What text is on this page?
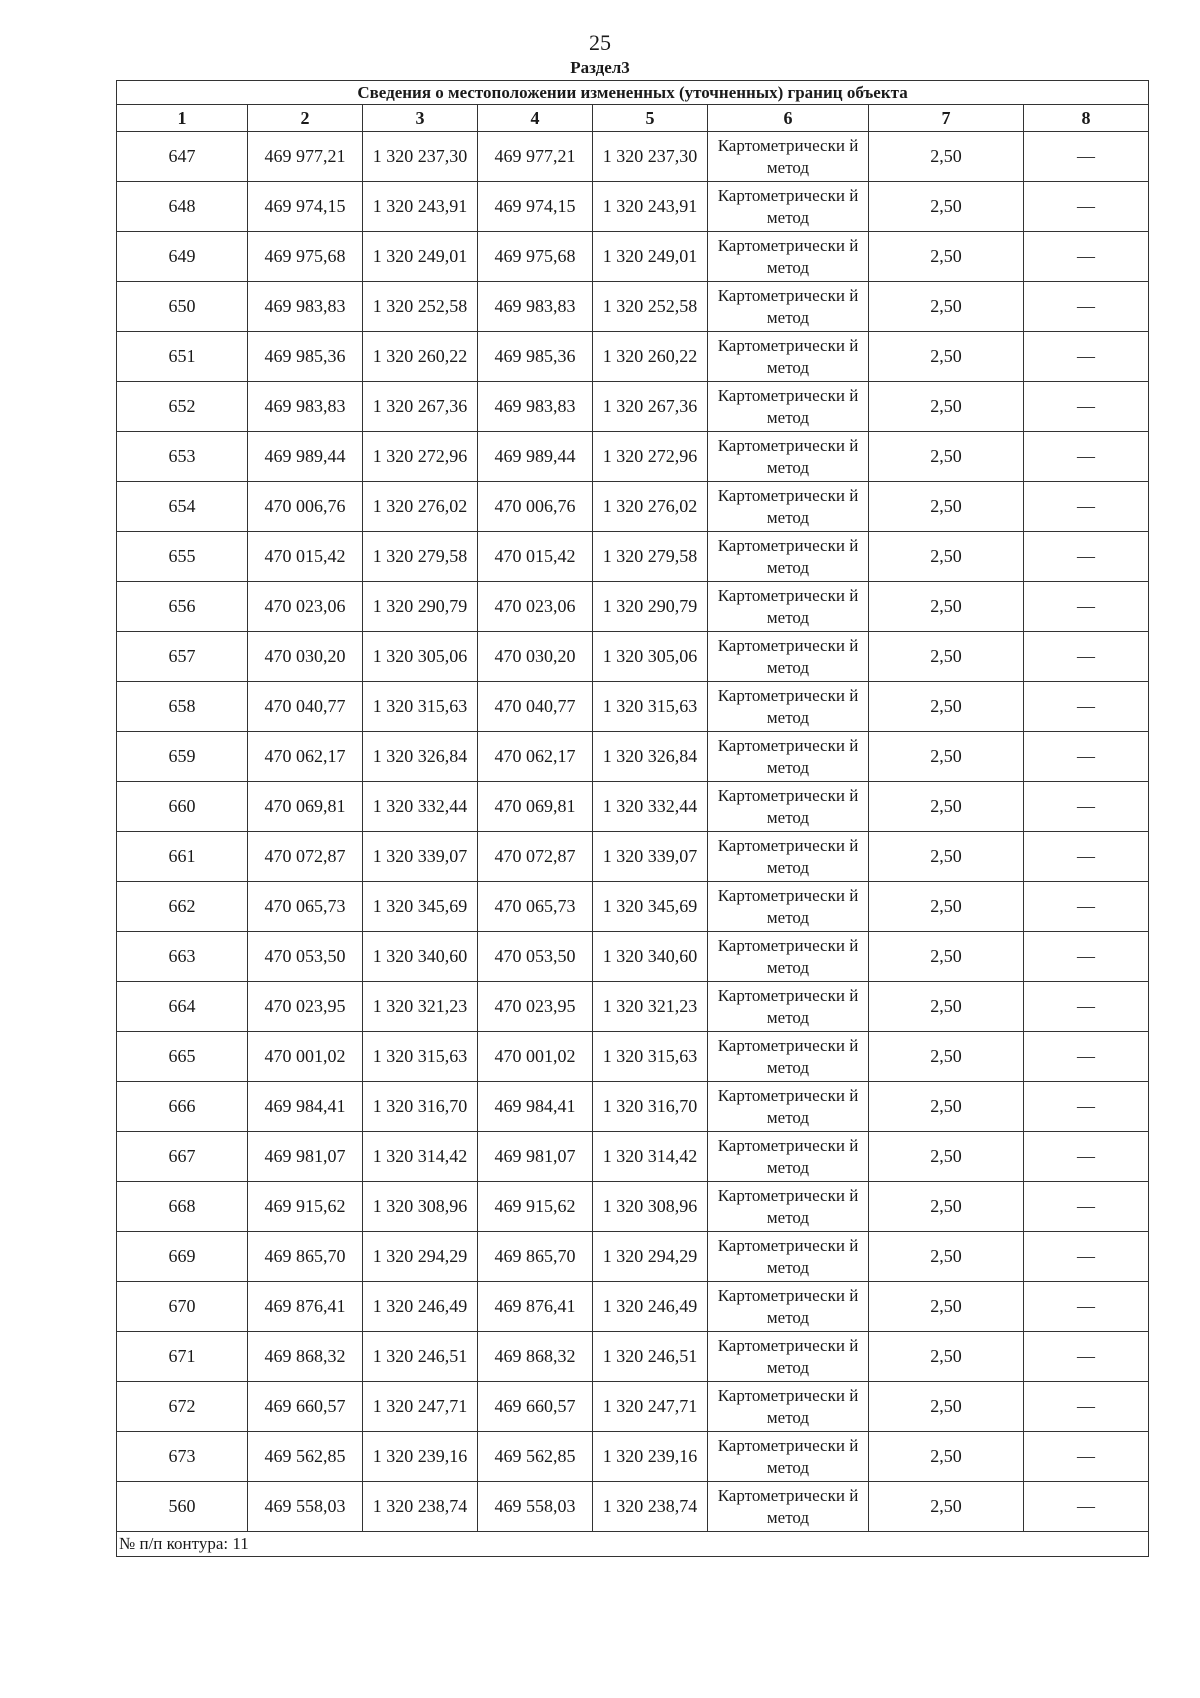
25
Раздел3
Сведения о местоположении измененных (уточненных) границ объекта							
1	2	3	4	5	6	7	8
647	469 977,21	1 320 237,30	469 977,21	1 320 237,30	Картометрически й метод	2,50	—
648	469 974,15	1 320 243,91	469 974,15	1 320 243,91	Картометрически й метод	2,50	—
649	469 975,68	1 320 249,01	469 975,68	1 320 249,01	Картометрически й метод	2,50	—
650	469 983,83	1 320 252,58	469 983,83	1 320 252,58	Картометрически й метод	2,50	—
651	469 985,36	1 320 260,22	469 985,36	1 320 260,22	Картометрически й метод	2,50	—
652	469 983,83	1 320 267,36	469 983,83	1 320 267,36	Картометрически й метод	2,50	—
653	469 989,44	1 320 272,96	469 989,44	1 320 272,96	Картометрически й метод	2,50	—
654	470 006,76	1 320 276,02	470 006,76	1 320 276,02	Картометрически й метод	2,50	—
655	470 015,42	1 320 279,58	470 015,42	1 320 279,58	Картометрически й метод	2,50	—
656	470 023,06	1 320 290,79	470 023,06	1 320 290,79	Картометрически й метод	2,50	—
657	470 030,20	1 320 305,06	470 030,20	1 320 305,06	Картометрически й метод	2,50	—
658	470 040,77	1 320 315,63	470 040,77	1 320 315,63	Картометрически й метод	2,50	—
659	470 062,17	1 320 326,84	470 062,17	1 320 326,84	Картометрически й метод	2,50	—
660	470 069,81	1 320 332,44	470 069,81	1 320 332,44	Картометрически й метод	2,50	—
661	470 072,87	1 320 339,07	470 072,87	1 320 339,07	Картометрически й метод	2,50	—
662	470 065,73	1 320 345,69	470 065,73	1 320 345,69	Картометрически й метод	2,50	—
663	470 053,50	1 320 340,60	470 053,50	1 320 340,60	Картометрически й метод	2,50	—
664	470 023,95	1 320 321,23	470 023,95	1 320 321,23	Картометрически й метод	2,50	—
665	470 001,02	1 320 315,63	470 001,02	1 320 315,63	Картометрически й метод	2,50	—
666	469 984,41	1 320 316,70	469 984,41	1 320 316,70	Картометрически й метод	2,50	—
667	469 981,07	1 320 314,42	469 981,07	1 320 314,42	Картометрически й метод	2,50	—
668	469 915,62	1 320 308,96	469 915,62	1 320 308,96	Картометрически й метод	2,50	—
669	469 865,70	1 320 294,29	469 865,70	1 320 294,29	Картометрически й метод	2,50	—
670	469 876,41	1 320 246,49	469 876,41	1 320 246,49	Картометрически й метод	2,50	—
671	469 868,32	1 320 246,51	469 868,32	1 320 246,51	Картометрически й метод	2,50	—
672	469 660,57	1 320 247,71	469 660,57	1 320 247,71	Картометрически й метод	2,50	—
673	469 562,85	1 320 239,16	469 562,85	1 320 239,16	Картометрически й метод	2,50	—
560	469 558,03	1 320 238,74	469 558,03	1 320 238,74	Картометрически й метод	2,50	—
№ п/п контура: 11							
